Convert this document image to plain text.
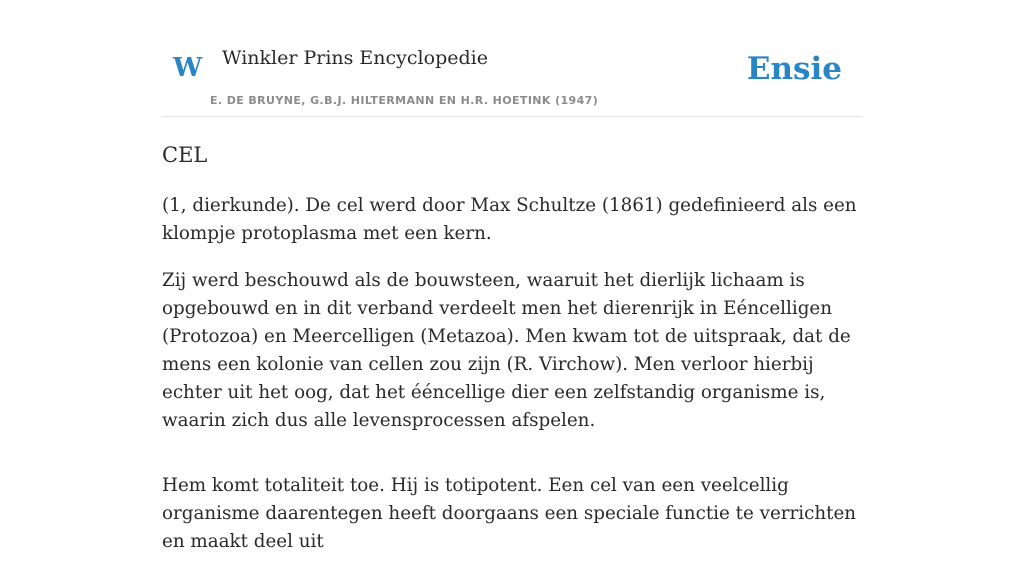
W Winkler Prins Encyclopedie
E. DE BRUYNE, G.B.J. HILTERMANN EN H.R. HOETINK (1947)
Ensie
CEL

(1, dierkunde). De cel werd door Max Schultze (1861) gedefinieerd als een klompje protoplasma met een kern.

Zij werd beschouwd als de bouwsteen, waaruit het dierlijk lichaam is opgebouwd en in dit verband verdeelt men het dierenrijk in Eéncelligen (Protozoa) en Meercelligen (Metazoa). Men kwam tot de uitspraak, dat de mens een kolonie van cellen zou zijn (R. Virchow). Men verloor hierbij echter uit het oog, dat het ééncellige dier een zelfstandig organisme is, waarin zich dus alle levensprocessen afspelen.

Hem komt totaliteit toe. Hij is totipotent. Een cel van een veelcellig organisme daarentegen heeft doorgaans een speciale functie te verrichten en maakt deel uit
